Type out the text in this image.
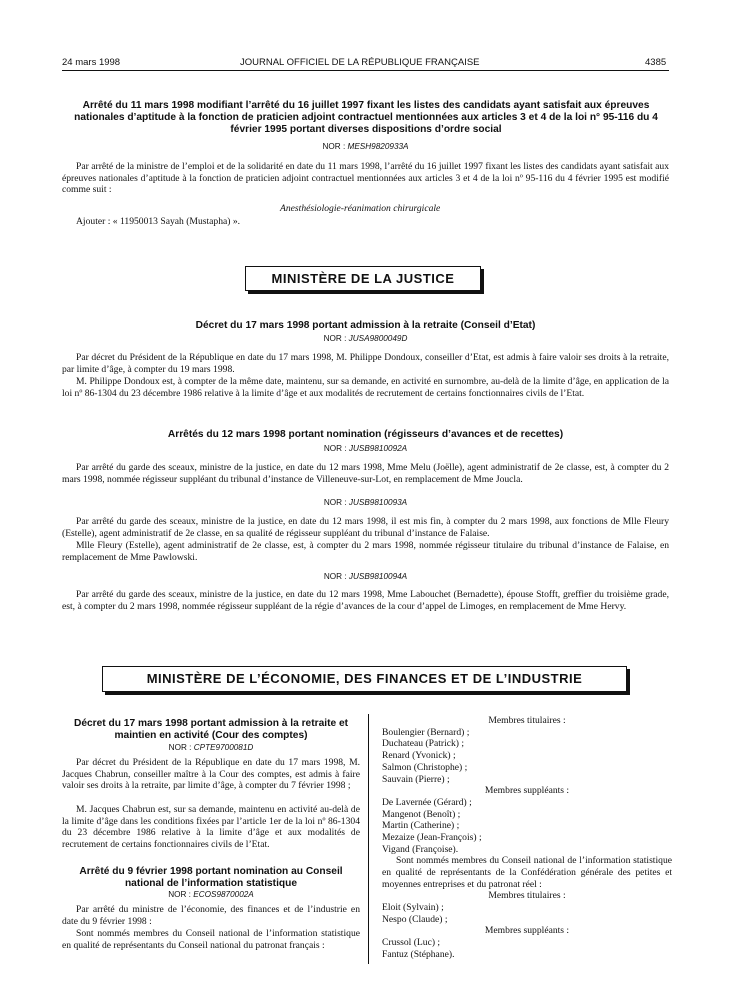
24 mars 1998	JOURNAL OFFICIEL DE LA RÉPUBLIQUE FRANÇAISE	4385
Arrêté du 11 mars 1998 modifiant l’arrêté du 16 juillet 1997 fixant les listes des candidats ayant satisfait aux épreuves nationales d’aptitude à la fonction de praticien adjoint contractuel mentionnées aux articles 3 et 4 de la loi n° 95-116 du 4 février 1995 portant diverses dispositions d’ordre social
NOR : MESH9820933A

Par arrêté de la ministre de l’emploi et de la solidarité en date du 11 mars 1998, l’arrêté du 16 juillet 1997 fixant les listes des candidats ayant satisfait aux épreuves nationales d’aptitude à la fonction de praticien adjoint contractuel mentionnées aux articles 3 et 4 de la loi nº 95-116 du 4 février 1995 est modifié comme suit :

Anesthésiologie-réanimation chirurgicale
Ajouter : « 11950013 Sayah (Mustapha) ».
MINISTÈRE DE LA JUSTICE
Décret du 17 mars 1998 portant admission à la retraite (Conseil d’Etat)
NOR : JUSA9800049D

Par décret du Président de la République en date du 17 mars 1998, M. Philippe Dondoux, conseiller d’Etat, est admis à faire valoir ses droits à la retraite, par limite d’âge, à compter du 19 mars 1998.

M. Philippe Dondoux est, à compter de la même date, maintenu, sur sa demande, en activité en surnombre, au-delà de la limite d’âge, en application de la loi nº 86-1304 du 23 décembre 1986 relative à la limite d’âge et aux modalités de recrutement de certains fonctionnaires civils de l’Etat.

Arrêtés du 12 mars 1998 portant nomination (régisseurs d’avances et de recettes)
NOR : JUSB9810092A

Par arrêté du garde des sceaux, ministre de la justice, en date du 12 mars 1998, Mme Melu (Joëlle), agent administratif de 2e classe, est, à compter du 2 mars 1998, nommée régisseur suppléant du tribunal d’instance de Villeneuve-sur-Lot, en remplacement de Mme Joucla.

NOR : JUSB9810093A

Par arrêté du garde des sceaux, ministre de la justice, en date du 12 mars 1998, il est mis fin, à compter du 2 mars 1998, aux fonctions de Mlle Fleury (Estelle), agent administratif de 2e classe, en sa qualité de régisseur suppléant du tribunal d’instance de Falaise.

Mlle Fleury (Estelle), agent administratif de 2e classe, est, à compter du 2 mars 1998, nommée régisseur titulaire du tribunal d’instance de Falaise, en remplacement de Mme Pawlowski.

NOR : JUSB9810094A

Par arrêté du garde des sceaux, ministre de la justice, en date du 12 mars 1998, Mme Labouchet (Bernadette), épouse Stofft, greffier du troisième grade, est, à compter du 2 mars 1998, nommée régisseur suppléant de la régie d’avances de la cour d’appel de Limoges, en remplacement de Mme Hervy.

MINISTÈRE DE L’ÉCONOMIE, DES FINANCES ET DE L’INDUSTRIE
Décret du 17 mars 1998 portant admission à la retraite et maintien en activité (Cour des comptes)
NOR : CPTE9700081D

Par décret du Président de la République en date du 17 mars 1998, M. Jacques Chabrun, conseiller maître à la Cour des comptes, est admis à faire valoir ses droits à la retraite, par limite d’âge, à compter du 7 février 1998 ;

M. Jacques Chabrun est, sur sa demande, maintenu en activité au-delà de la limite d’âge dans les conditions fixées par l’article 1er de la loi nº 86-1304 du 23 décembre 1986 relative à la limite d’âge et aux modalités de recrutement de certains fonctionnaires civils de l’Etat.

Arrêté du 9 février 1998 portant nomination au Conseil national de l’information statistique
NOR : ECOS9870002A

Par arrêté du ministre de l’économie, des finances et de l’industrie en date du 9 février 1998 :

Sont nommés membres du Conseil national de l’information statistique en qualité de représentants du Conseil national du patronat français :

Membres titulaires :
Boulengier (Bernard) ;
Duchateau (Patrick) ;
Renard (Yvonick) ;
Salmon (Christophe) ;
Sauvain (Pierre) ;
Membres suppléants :
De Lavernée (Gérard) ;
Mangenot (Benoît) ;
Martin (Catherine) ;
Mezaize (Jean-François) ;
Vigand (Françoise).

Sont nommés membres du Conseil national de l’information statistique en qualité de représentants de la Confédération générale des petites et moyennes entreprises et du patronat réel :

Membres titulaires :
Eloit (Sylvain) ;
Nespo (Claude) ;
Membres suppléants :
Crussol (Luc) ;
Fantuz (Stéphane).
